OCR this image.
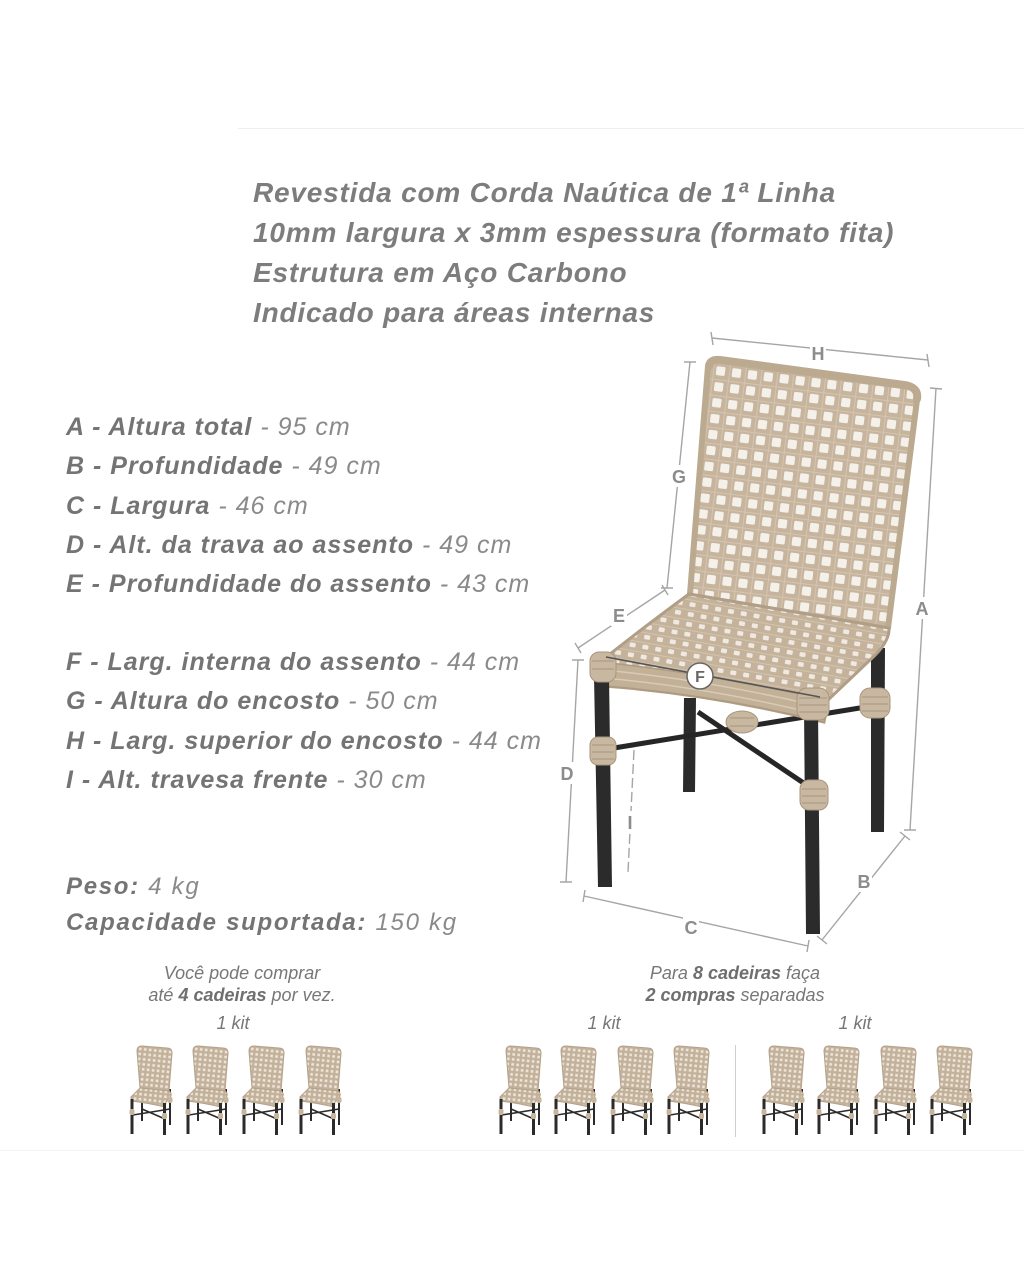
Revestida com Corda Naútica de 1ª Linha
10mm largura x 3mm espessura (formato fita)
Estrutura em Aço Carbono
Indicado para áreas internas
A - Altura total - 95 cm
B - Profundidade - 49 cm
C - Largura - 46 cm
D - Alt. da trava ao assento - 49 cm
E - Profundidade do assento - 43 cm
F - Larg. interna do assento - 44 cm
G - Altura do encosto - 50 cm
H - Larg. superior do encosto - 44 cm
I - Alt. travesa frente - 30 cm
Peso: 4 kg
Capacidade suportada: 150 kg
H
G
A
E
F
D
I
B
C
Você pode comprar
até 4 cadeiras por vez.
Para 8 cadeiras faça
2 compras separadas
1 kit	1 kit	1 kit
